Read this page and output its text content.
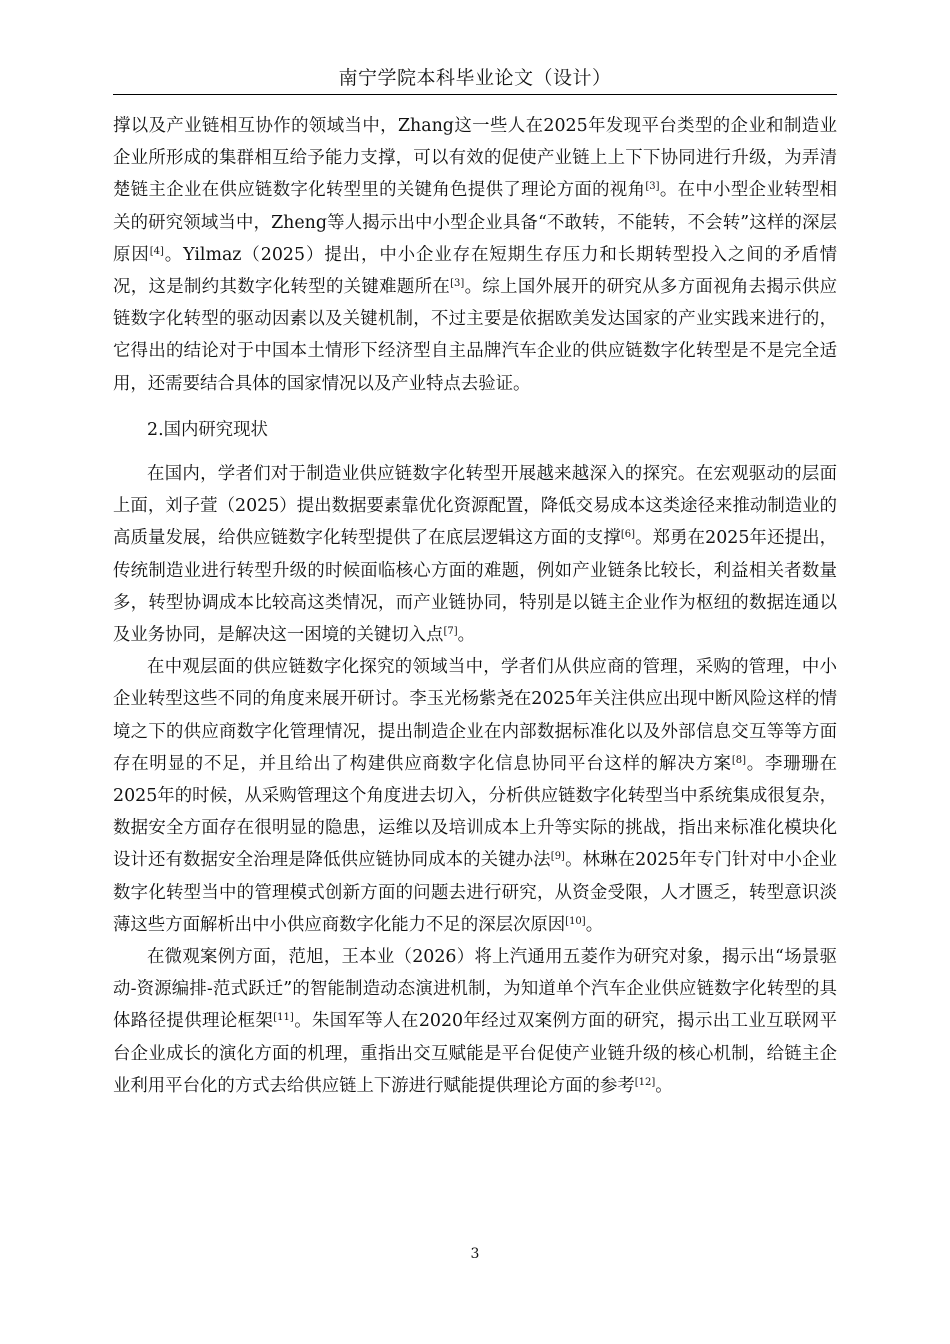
南宁学院本科毕业论文（设计）

撑以及产业链相互协作的领域当中，Zhang这一些人在2025年发现平台类型的企业和制造业企业所形成的集群相互给予能力支撑，可以有效的促使产业链上上下下协同进行升级，为弄清楚链主企业在供应链数字化转型里的关键角色提供了理论方面的视角[3]。在中小型企业转型相关的研究领域当中，Zheng等人揭示出中小型企业具备“不敢转，不能转，不会转”这样的深层原因[4]。Yilmaz（2025）提出，中小企业存在短期生存压力和长期转型投入之间的矛盾情况，这是制约其数字化转型的关键难题所在[3]。综上国外展开的研究从多方面视角去揭示供应链数字化转型的驱动因素以及关键机制，不过主要是依据欧美发达国家的产业实践来进行的，它得出的结论对于中国本土情形下经济型自主品牌汽车企业的供应链数字化转型是不是完全适用，还需要结合具体的国家情况以及产业特点去验证。

2.国内研究现状

在国内，学者们对于制造业供应链数字化转型开展越来越深入的探究。在宏观驱动的层面上面，刘子萱（2025）提出数据要素靠优化资源配置，降低交易成本这类途径来推动制造业的高质量发展，给供应链数字化转型提供了在底层逻辑这方面的支撑[6]。郑勇在2025年还提出，传统制造业进行转型升级的时候面临核心方面的难题，例如产业链条比较长，利益相关者数量多，转型协调成本比较高这类情况，而产业链协同，特别是以链主企业作为枢纽的数据连通以及业务协同，是解决这一困境的关键切入点[7]。

在中观层面的供应链数字化探究的领域当中，学者们从供应商的管理，采购的管理，中小企业转型这些不同的角度来展开研讨。李玉光杨紫尧在2025年关注供应出现中断风险这样的情境之下的供应商数字化管理情况，提出制造企业在内部数据标准化以及外部信息交互等等方面存在明显的不足，并且给出了构建供应商数字化信息协同平台这样的解决方案[8]。李珊珊在2025年的时候，从采购管理这个角度进去切入，分析供应链数字化转型当中系统集成很复杂，数据安全方面存在很明显的隐患，运维以及培训成本上升等实际的挑战，指出来标准化模块化设计还有数据安全治理是降低供应链协同成本的关键办法[9]。林琳在2025年专门针对中小企业数字化转型当中的管理模式创新方面的问题去进行研究，从资金受限，人才匮乏，转型意识淡薄这些方面解析出中小供应商数字化能力不足的深层次原因[10]。

在微观案例方面，范旭，王本业（2026）将上汽通用五菱作为研究对象，揭示出“场景驱动-资源编排-范式跃迁”的智能制造动态演进机制，为知道单个汽车企业供应链数字化转型的具体路径提供理论框架[11]。朱国军等人在2020年经过双案例方面的研究，揭示出工业互联网平台企业成长的演化方面的机理，重指出交互赋能是平台促使产业链升级的核心机制，给链主企业利用平台化的方式去给供应链上下游进行赋能提供理论方面的参考[12]。

3
